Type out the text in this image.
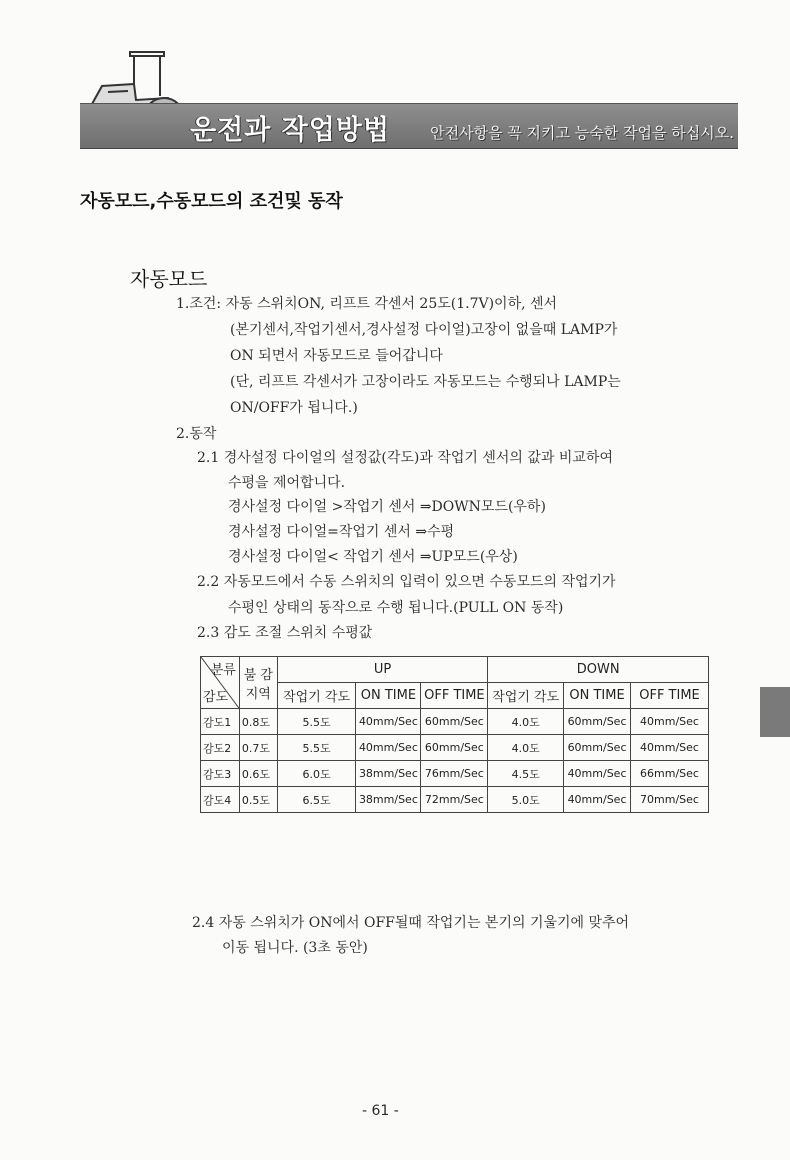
운전과 작업방법	안전사항을 꼭 지키고 능숙한 작업을 하십시오.
자동모드,수동모드의 조건및 동작
자동모드
1.조건: 자동 스위치ON, 리프트 각센서 25도(1.7V)이하, 센서
(본기센서,작업기센서,경사설정 다이얼)고장이 없을때 LAMP가
ON 되면서 자동모드로 들어갑니다
(단, 리프트 각센서가 고장이라도 자동모드는 수행되나 LAMP는
ON/OFF가 됩니다.)
2.동작
2.1 경사설정 다이얼의 설정값(각도)과 작업기 센서의 값과 비교하여
수평을 제어합니다.
경사설정 다이얼 >작업기 센서 ⇒DOWN모드(우하)
경사설정 다이얼=작업기 센서 ⇒수평
경사설정 다이얼< 작업기 센서 ⇒UP모드(우상)
2.2 자동모드에서 수동 스위치의 입력이 있으면 수동모드의 작업기가
수평인 상태의 동작으로 수행 됩니다.(PULL ON 동작)
2.3 감도 조절 스위치 수평값
분류
감도	불 감 지역	UP			DOWN		
		작업기 각도	ON TIME	OFF TIME	작업기 각도	ON TIME	OFF TIME
감도1	0.8도	5.5도	40mm/Sec	60mm/Sec	4.0도	60mm/Sec	40mm/Sec
감도2	0.7도	5.5도	40mm/Sec	60mm/Sec	4.0도	60mm/Sec	40mm/Sec
감도3	0.6도	6.0도	38mm/Sec	76mm/Sec	4.5도	40mm/Sec	66mm/Sec
감도4	0.5도	6.5도	38mm/Sec	72mm/Sec	5.0도	40mm/Sec	70mm/Sec
2.4 자동 스위치가 ON에서 OFF될때 작업기는 본기의 기울기에 맞추어
이동 됩니다. (3초 동안)
- 61 -
